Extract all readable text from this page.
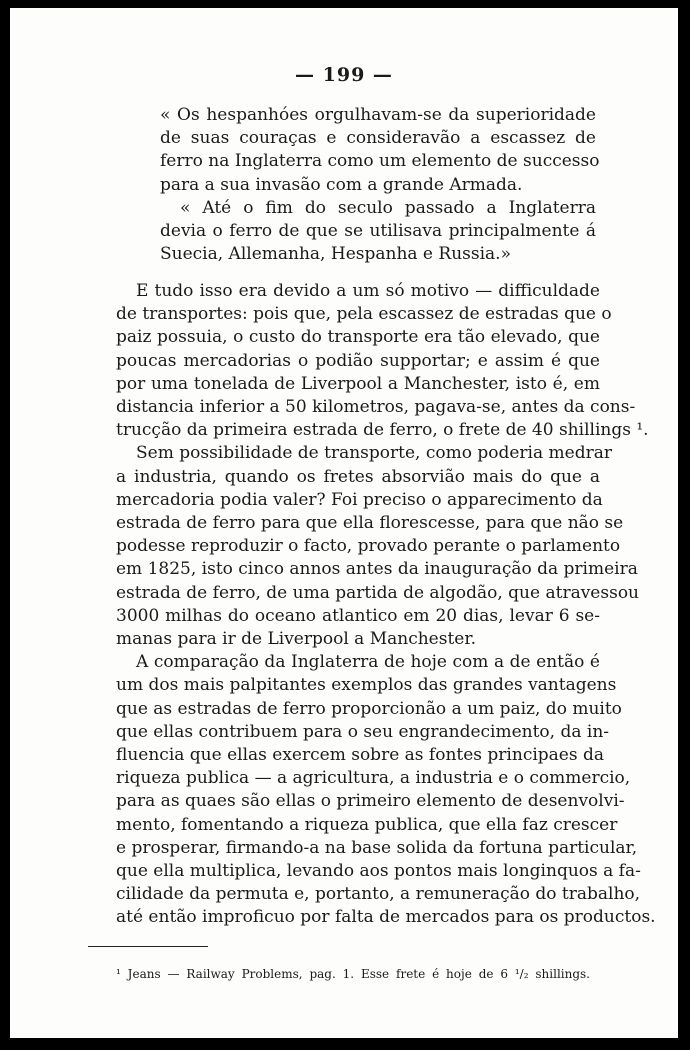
— 199 —
« Os hespanhóes orgulhavam-se da superioridade
de suas couraças e consideravão a escassez de
ferro na Inglaterra como um elemento de successo
para a sua invasão com a grande Armada.
« Até o fim do seculo passado a Inglaterra
devia o ferro de que se utilisava principalmente á
Suecia, Allemanha, Hespanha e Russia.»
E tudo isso era devido a um só motivo — difficuldade
de transportes: pois que, pela escassez de estradas que o
paiz possuia, o custo do transporte era tão elevado, que
poucas mercadorias o podião supportar; e assim é que
por uma tonelada de Liverpool a Manchester, isto é, em
distancia inferior a 50 kilometros, pagava-se, antes da cons-
trucção da primeira estrada de ferro, o frete de 40 shillings ¹.
Sem possibilidade de transporte, como poderia medrar
a industria, quando os fretes absorvião mais do que a
mercadoria podia valer? Foi preciso o apparecimento da
estrada de ferro para que ella florescesse, para que não se
podesse reproduzir o facto, provado perante o parlamento
em 1825, isto cinco annos antes da inauguração da primeira
estrada de ferro, de uma partida de algodão, que atravessou
3000 milhas do oceano atlantico em 20 dias, levar 6 se-
manas para ir de Liverpool a Manchester.
A comparação da Inglaterra de hoje com a de então é
um dos mais palpitantes exemplos das grandes vantagens
que as estradas de ferro proporcionão a um paiz, do muito
que ellas contribuem para o seu engrandecimento, da in-
fluencia que ellas exercem sobre as fontes principaes da
riqueza publica — a agricultura, a industria e o commercio,
para as quaes são ellas o primeiro elemento de desenvolvi-
mento, fomentando a riqueza publica, que ella faz crescer
e prosperar, firmando-a na base solida da fortuna particular,
que ella multiplica, levando aos pontos mais longinquos a fa-
cilidade da permuta e, portanto, a remuneração do trabalho,
até então improficuo por falta de mercados para os productos.
¹ Jeans — Railway Problems, pag. 1. Esse frete é hoje de 6 ¹/₂ shillings.
